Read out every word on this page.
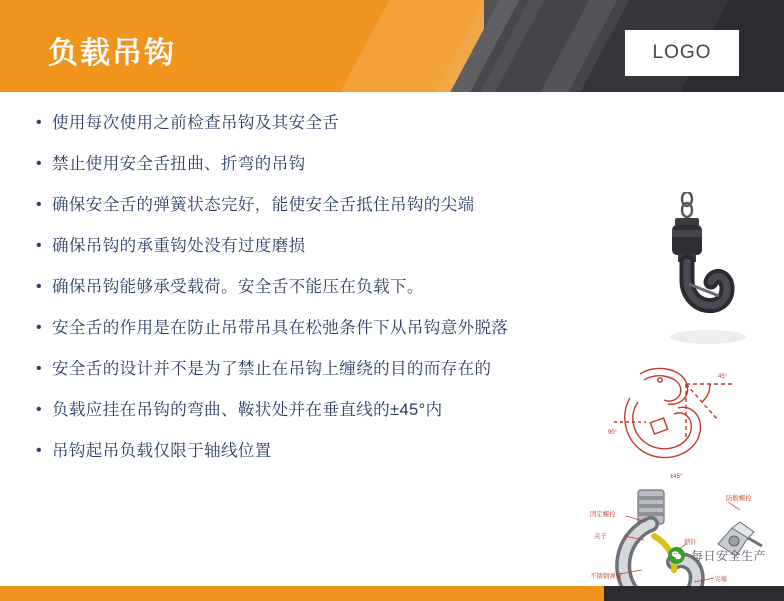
负载吊钩	LOGO
• 使用每次使用之前检查吊钩及其安全舌
• 禁止使用安全舌扭曲、折弯的吊钩
• 确保安全舌的弹簧状态完好，能使安全舌抵住吊钩的尖端
• 确保吊钩的承重钩处没有过度磨损
• 确保吊钩能够承受载荷。安全舌不能压在负载下。
• 安全舌的作用是在防止吊带吊具在松弛条件下从吊钩意外脱落
• 安全舌的设计并不是为了禁止在吊钩上缠绕的目的而存在的
• 负载应挂在吊钩的弯曲、鞍状处并在垂直线的±45°内
• 吊钩起吊负载仅限于轴线位置
45°
90°
±45°
固定螺栓
夹子
不锈钢弹簧
锁针
尖端
防脱螺栓
每日安全生产
